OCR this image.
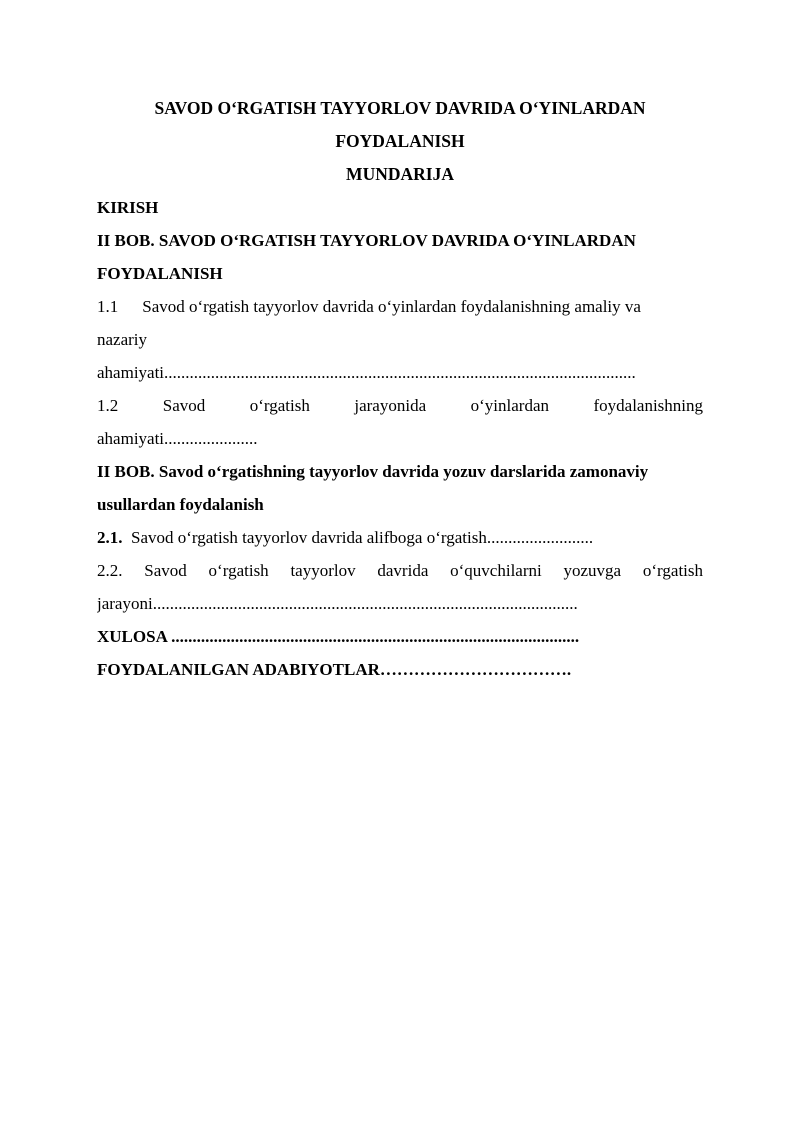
SAVOD O‘RGATISH TAYYORLOV DAVRIDA O‘YINLARDAN
FOYDALANISH
MUNDARIJA
KIRISH
II BOB. SAVOD O‘RGATISH TAYYORLOV DAVRIDA O‘YINLARDAN
FOYDALANISH
1.1 Savod o‘rgatish tayyorlov davrida o‘yinlardan foydalanishning amaliy va
nazariy
ahamiyati...............................................................................................................
1.2	Savod	o‘rgatish	jarayonida	o‘yinlardan	foydalanishning
ahamiyati......................
II BOB. Savod o‘rgatishning tayyorlov davrida yozuv darslarida zamonaviy
usullardan foydalanish
2.1. Savod o‘rgatish tayyorlov davrida alifboga o‘rgatish.........................
2.2. Savod o‘rgatish tayyorlov davrida o‘quvchilarni yozuvga o‘rgatish
jarayoni....................................................................................................
XULOSA ................................................................................................
FOYDALANILGAN ADABIYOTLAR…………………………….
